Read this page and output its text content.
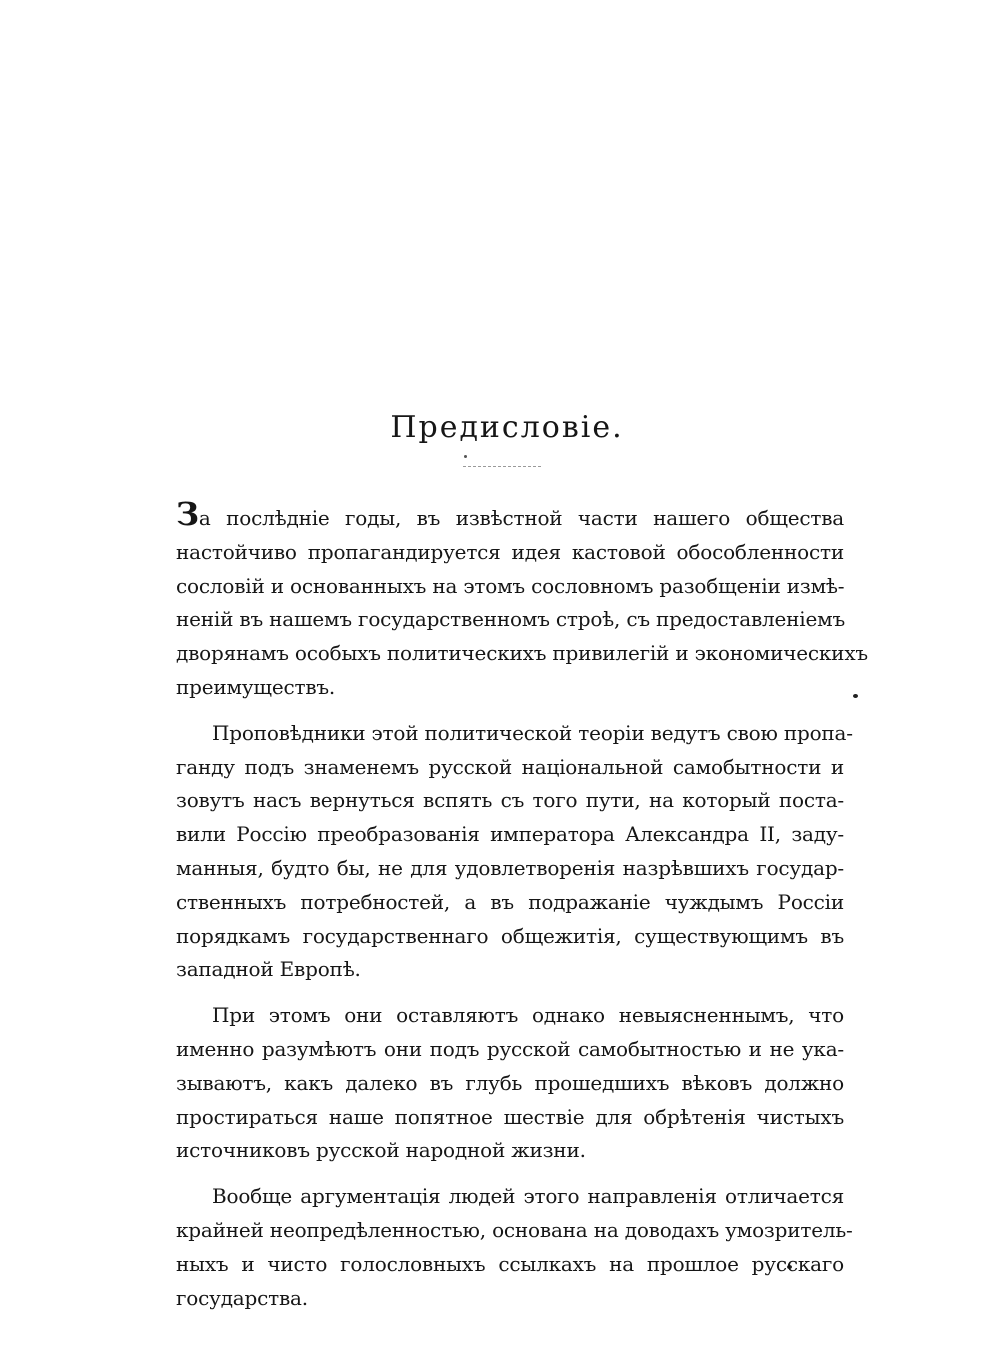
Предисловіе.
За послѣдніе годы, въ извѣстной части нашего общества
настойчиво пропагандируется идея кастовой обособленности
сословій и основанныхъ на этомъ сословномъ разобщеніи измѣ-
неній въ нашемъ государственномъ строѣ, съ предоставленіемъ
дворянамъ особыхъ политическихъ привилегій и экономическихъ
преимуществъ.
Проповѣдники этой политической теоріи ведутъ свою пропа-
ганду подъ знаменемъ русской національной самобытности и
зовутъ насъ вернуться вспять съ того пути, на который поста-
вили Россію преобразованія императора Александра II, заду-
манныя, будто бы, не для удовлетворенія назрѣвшихъ государ-
ственныхъ потребностей, а въ подражаніе чуждымъ Россіи
порядкамъ государственнаго общежитія, существующимъ въ
западной Европѣ.
При этомъ они оставляютъ однако невыясненнымъ, что
именно разумѣютъ они подъ русской самобытностью и не ука-
зываютъ, какъ далеко въ глубь прошедшихъ вѣковъ должно
простираться наше попятное шествіе для обрѣтенія чистыхъ
источниковъ русской народной жизни.
Вообще аргументація людей этого направленія отличается
крайней неопредѣленностью, основана на доводахъ умозритель-
ныхъ и чисто голословныхъ ссылкахъ на прошлое русскаго
государства.
